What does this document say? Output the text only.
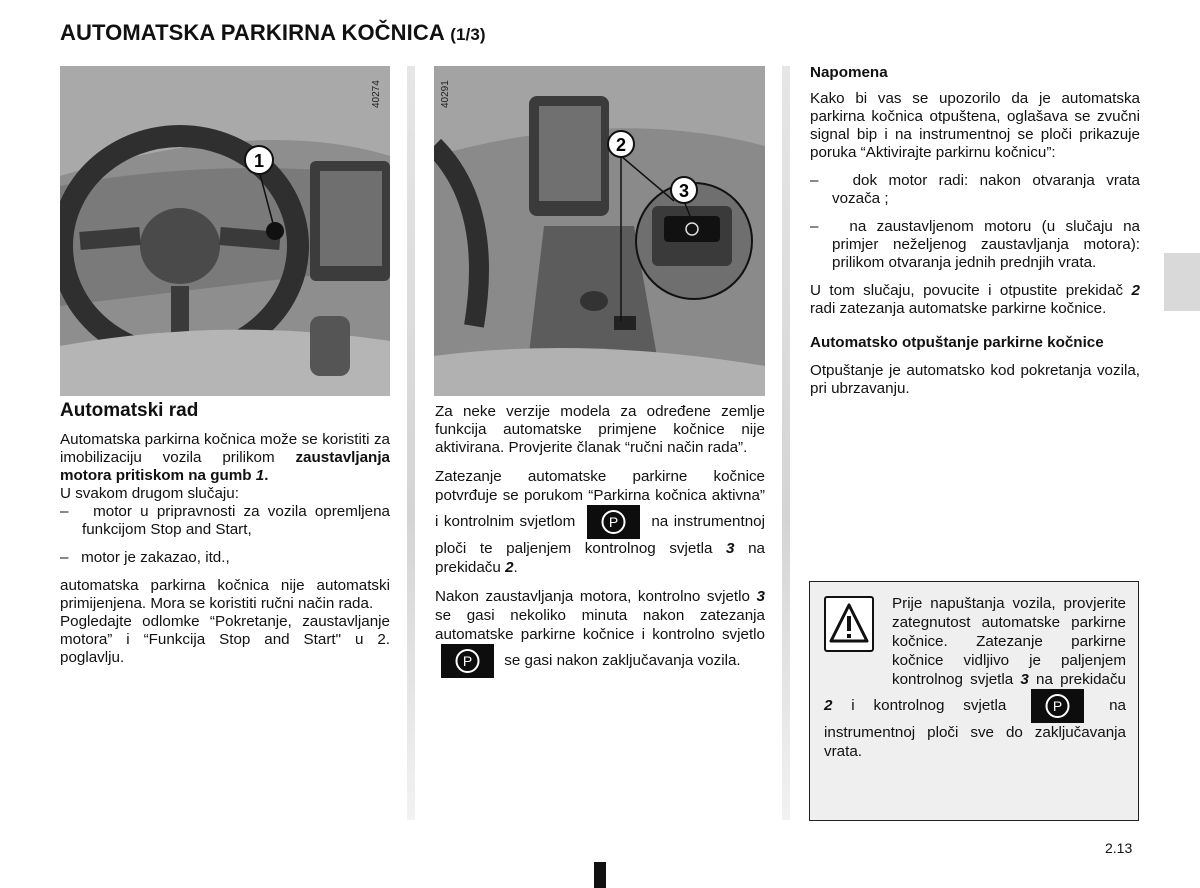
AUTOMATSKA PARKIRNA KOČNICA (1/3)
1
40274
2
3
40291
Automatski rad

Automatska parkirna kočnica može se koristiti za imobilizaciju vozila prilikom zaustavljanja motora pritiskom na gumb 1.

U svakom drugom slučaju:

–   motor u pripravnosti za vozila opremljena funkcijom Stop and Start,

–   motor je zakazao, itd.,

automatska parkirna kočnica nije automatski primijenjena. Mora se koristiti ručni način rada.

Pogledajte odlomke “Pokretanje, zaustavljanje motora” i “Funkcija Stop and Start" u 2. poglavlju.

Za neke verzije modela za određene zemlje funkcija automatske primjene kočnice nije aktivirana. Provjerite članak “ručni način rada”.

Zatezanje automatske parkirne kočnice potvrđuje se porukom “Parkirna kočnica aktivna” i kontrolnim svjetlom P na instrumentnoj ploči te paljenjem kontrolnog svjetla 3 na prekidaču 2.

Nakon zaustavljanja motora, kontrolno svjetlo 3 se gasi nekoliko minuta nakon zatezanja automatske parkirne kočnice i kontrolno svjetlo
P se gasi nakon zaključavanja vozila.

Napomena

Kako bi vas se upozorilo da je automatska parkirna kočnica otpuštena, oglašava se zvučni signal bip i na instrumentnoj se ploči prikazuje poruka “Aktivirajte parkirnu kočnicu”:

–   dok motor radi: nakon otvaranja vrata vozača ;

–   na zaustavljenom motoru (u slučaju na primjer neželjenog zaustavljanja motora): prilikom otvaranja jednih prednjih vrata.

U tom slučaju, povucite i otpustite prekidač 2 radi zatezanja automatske parkirne kočnice.

Automatsko otpuštanje parkirne kočnice

Otpuštanje je automatsko kod pokretanja vozila, pri ubrzavanju.

Prije napuštanja vozila, provjerite zategnutost automatske parkirne kočnice. Zatezanje parkirne kočnice vidljivo je paljenjem kontrolnog svjetla 3 na prekidaču 2 i kontrolnog svjetla	P	na instrumentnoj ploči sve do zaključavanja vrata.
2.13
